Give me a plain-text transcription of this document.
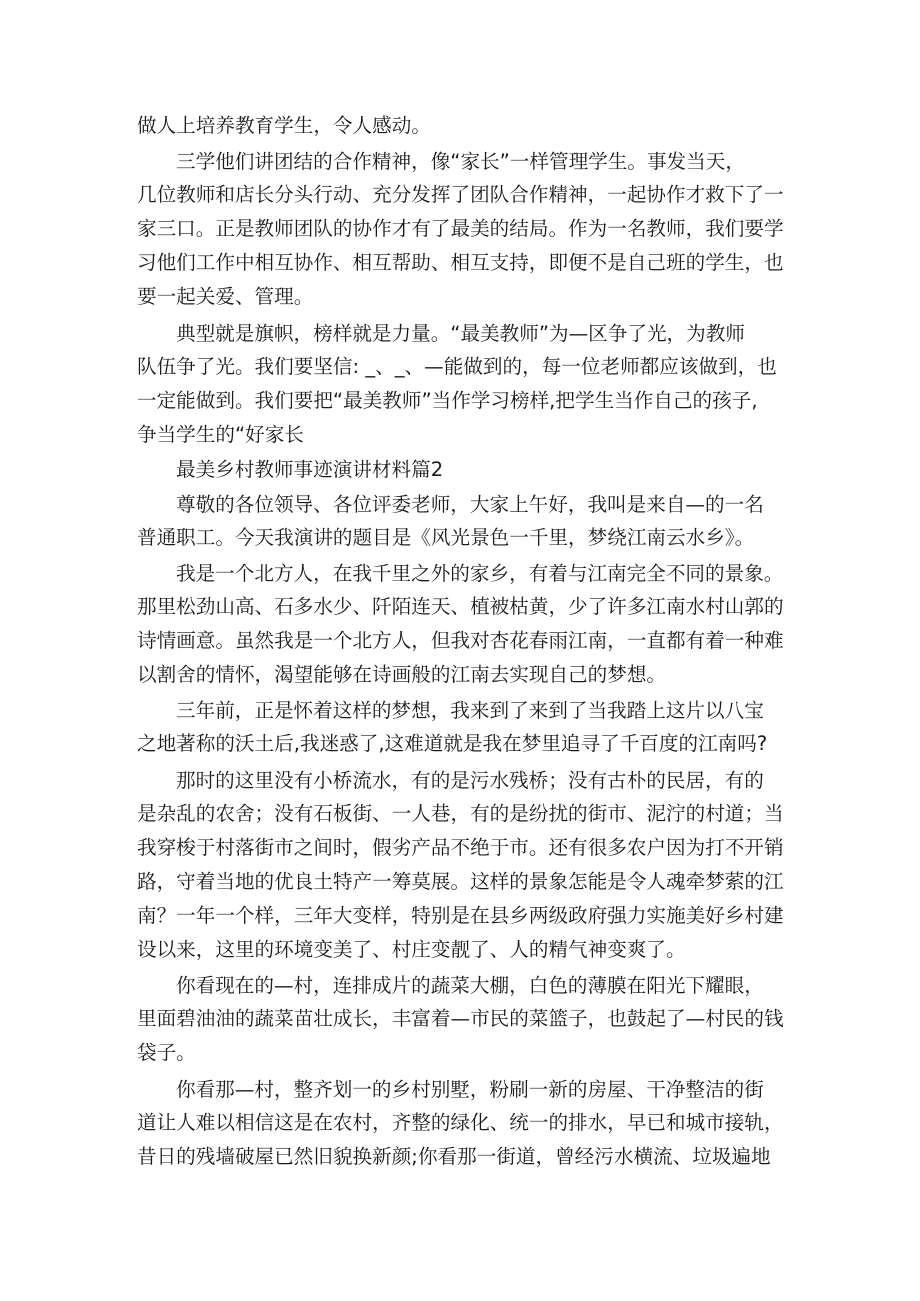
做人上培养教育学生，令人感动。
三学他们讲团结的合作精神，像“家长”一样管理学生。事发当天，
几位教师和店长分头行动、充分发挥了团队合作精神，一起协作才救下了一
家三口。正是教师团队的协作才有了最美的结局。作为一名教师，我们要学
习他们工作中相互协作、相互帮助、相互支持，即便不是自己班的学生，也
要一起关爱、管理。
典型就是旗帜，榜样就是力量。“最美教师”为—区争了光，为教师
队伍争了光。我们要坚信: _、_、—能做到的，每一位老师都应该做到，也
一定能做到。我们要把“最美教师”当作学习榜样,把学生当作自己的孩子,
争当学生的“好家长
最美乡村教师事迹演讲材料篇2
尊敬的各位领导、各位评委老师，大家上午好，我叫是来自—的一名
普通职工。今天我演讲的题目是《风光景色一千里，梦绕江南云水乡》。
我是一个北方人，在我千里之外的家乡，有着与江南完全不同的景象。
那里松劲山高、石多水少、阡陌连天、植被枯黄，少了许多江南水村山郭的
诗情画意。虽然我是一个北方人，但我对杏花春雨江南，一直都有着一种难
以割舍的情怀，渴望能够在诗画般的江南去实现自己的梦想。
三年前，正是怀着这样的梦想，我来到了来到了当我踏上这片以八宝
之地著称的沃土后,我迷惑了,这难道就是我在梦里追寻了千百度的江南吗?
那时的这里没有小桥流水，有的是污水残桥；没有古朴的民居，有的
是杂乱的农舍；没有石板街、一人巷，有的是纷扰的街市、泥泞的村道；当
我穿梭于村落街市之间时，假劣产品不绝于市。还有很多农户因为打不开销
路，守着当地的优良土特产一筹莫展。这样的景象怎能是令人魂牵梦萦的江
南？一年一个样，三年大变样，特别是在县乡两级政府强力实施美好乡村建
设以来，这里的环境变美了、村庄变靓了、人的精气神变爽了。
你看现在的—村，连排成片的蔬菜大棚，白色的薄膜在阳光下耀眼，
里面碧油油的蔬菜苗壮成长，丰富着—市民的菜篮子，也鼓起了—村民的钱
袋子。
你看那—村，整齐划一的乡村别墅，粉刷一新的房屋、干净整洁的街
道让人难以相信这是在农村，齐整的绿化、统一的排水，早已和城市接轨，
昔日的残墙破屋已然旧貌换新颜;你看那一街道，曾经污水横流、垃圾遍地
